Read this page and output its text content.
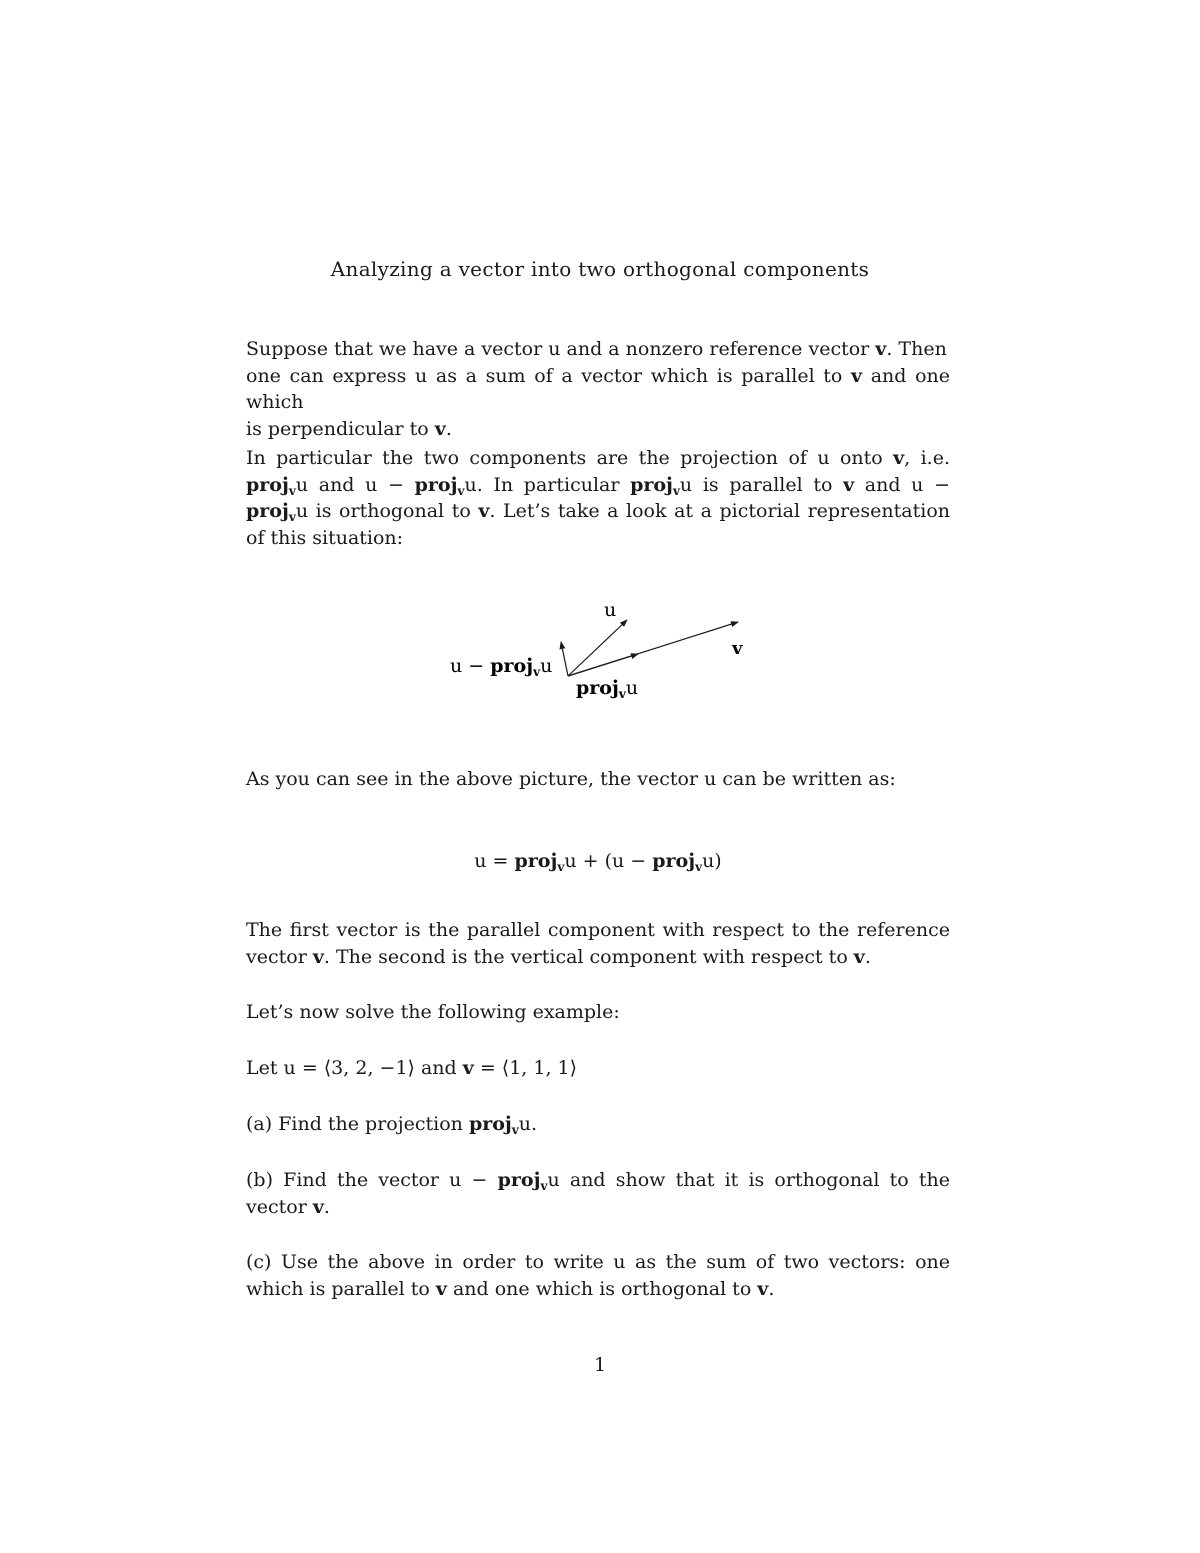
Analyzing a vector into two orthogonal components
Suppose that we have a vector u and a nonzero reference vector v. Then
one can express u as a sum of a vector which is parallel to v and one which
is perpendicular to v.

In particular the two components are the projection of u onto v, i.e. proj$_v$u and u − proj$_v$u. In particular proj$_v$u is parallel to v and u − proj$_v$u is orthogonal to v. Let’s take a look at a pictorial representation of this situation:

u
v
u − proj$_v$u
proj$_v$u
As you can see in the above picture, the vector u can be written as:
u = proj$_v$u + (u − proj$_v$u)

The first vector is the parallel component with respect to the reference vector v. The second is the vertical component with respect to v.

Let’s now solve the following example:
Let u = ⟨3, 2, −1⟩ and v = ⟨1, 1, 1⟩
(a) Find the projection proj$_v$u.

(b) Find the vector u − proj$_v$u and show that it is orthogonal to the vector v.

(c) Use the above in order to write u as the sum of two vectors: one which is parallel to v and one which is orthogonal to v.

1
